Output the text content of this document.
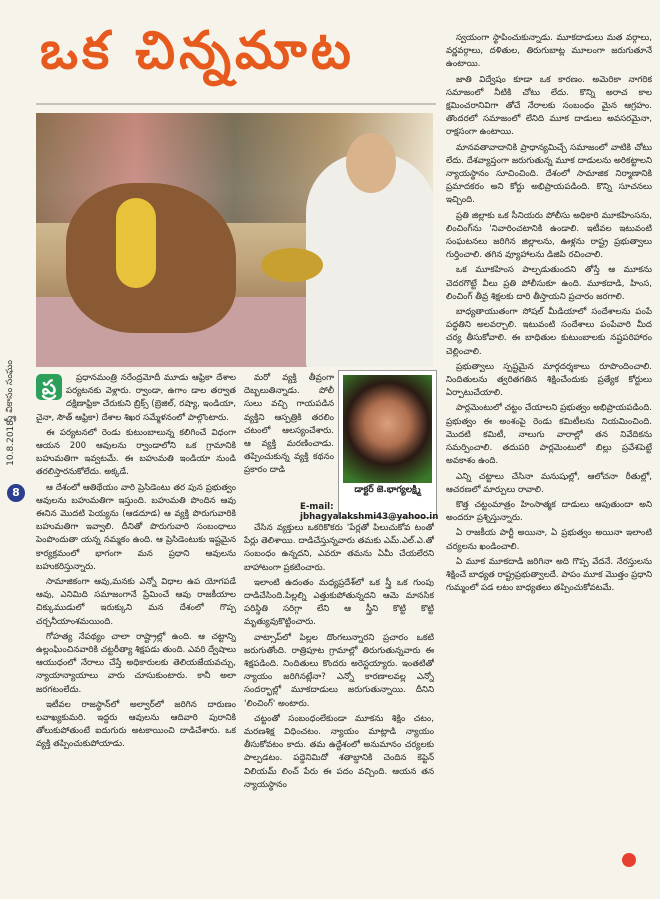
ఒక చిన్నమాట
స్త్రీ వికాసం సంఘం
10.8.2018
8
ప్ర	ప్రధానమంత్రి నరేంద్రమోదీ మూడు ఆఫ్రికా దేశాల పర్యటనకు వెళ్లారు. ర్వాండా, ఉగాం డాల తర్వాత దక్షిణాఫ్రికా చేరుకుని బ్రిక్స్ (బ్రెజిల్, రష్యా, ఇండియా, చైనా, సౌత్ ఆఫ్రికా) దేశాల శిఖర సమ్మేళనంలో పాల్గొంటారు.

ఈ పర్యటనలో రెండు కుటుంబాలున్న కలిగించే విధంగా ఆయన 200 ఆవులను ర్వాండాలోని ఒక గ్రామానికి బహుమతిగా ఇవ్వటమే. ఈ బహుమతి ఇండియా నుండి తరలిస్తారనుకోలేదు. అక్కడే.

ఆ దేశంలో ఆతిథేయం వారి ప్రెసిడెంటు తర పున ప్రభుత్వం ఆవులను బహుమతిగా ఇస్తుంది. బహుమతి పొందిన ఆవు ఈనిన మొదటి పెయ్యను (ఆడదూడ) ఆ వ్యక్తి పొరుగువారికి బహుమతిగా ఇవ్వాలి. దీనితో పొరుగువారి సంబంధాలు పెంపొందుతా యన్న నమ్మకం ఉంది. ఆ ప్రెసిడెంటుకు ఇష్టమైన కార్యక్రమంలో భాగంగా మన ప్రధాని ఆవులను బహుకరిస్తున్నారు.

సామాజికంగా ఆవు,మనకు ఎన్నో విధాల ఉప యోగపడే ఆవు, ఎనిమిది సమాజంగానే ప్రేమించే ఆవు రాజకీయాల చిక్కుముడులో ఇరుక్కుని మన దేశంలో గొప్ప చర్చనీయాంశమయింది.

గోహత్య నేపథ్యం చాలా రాష్ట్రాల్లో ఉంది. ఆ చట్టాన్ని ఉల్లంఘించినవారికి చట్టరీత్యా శిక్షపడు తుంది. ఎవరి ద్వేషాలు ఆయుధంలో నేరాలు చేస్తే అధికారులకు తెలియజేయవచ్చు, న్యాయాన్యాయాలు వారు చూసుకుంటారు. కానీ అలా జరగటంలేదు.

ఇటీవల రాజస్థాన్‌లో అల్వార్‌లో జరిగిన దారుణం లవాఖ్యకుమరి. ఇద్దరు ఆవులను ఆదివారి పురానికి తోలుకుపోతుంటే ఐదుగురు అటకాయించి దాడిచేశారు. ఒక వ్యక్తి తప్పించుకుపోయాడు.

మరో వ్యక్తి తీవ్రంగా దెబ్బలుతిన్నాడు. పోలీ సులు వచ్చి గాయపడిన వ్యక్తిని ఆస్పత్రికి తరలిం చటంలో ఆలస్యంచేశారు. ఆ వ్యక్తి మరణించాడు. తప్పించుకున్న వ్యక్తి కథనం ప్రకారం దాడి

డాక్టర్ జె.భాగ్యలక్ష్మి
E-mail: jbhagyalakshmi43@yahoo.in

చేసిన వ్యక్తులు ఒకరికొకరు 'పేర్లతో పిలుచుకోవ టంతో పేర్లు తెలిశాయి. దాడిచేస్తున్నవారు తమకు ఎమ్.ఎల్.ఎ.తో సంబంధం ఉన్నదని, ఎవరూ తమను ఏమీ చేయలేరని బాహాటంగా ప్రకటించారు.

ఇలాంటి ఉదంతం మధ్యప్రదేశ్‌లో ఒక స్త్రీ ఒక గుంపు దాడిచేసింది.పిల్లల్ని ఎత్తుకుపోతున్నదని ఆమె మానసిక పరిస్థితి సరిగ్గా లేని ఆ స్త్రీని కొట్టి కొట్టి మృత్యువుకొట్టించారు.

వాట్సాప్‌లో పిల్లల దొంగలున్నారని ప్రచారం ఒకటి జరుగుతోంది. రాత్రిపూట గ్రామాల్లో తిరుగుతున్నవారు ఈ శిక్షపడింది. నిందితులు కొందరు అరెస్టయ్యారు. ఇంతటితో న్యాయం జరిగినట్లేనా? ఎన్నో కారణాలవల్ల ఎన్నో సందర్భాల్లో మూకదాడులు జరుగుతున్నాయి. దీనిని 'లించింగ్' అంటారు.

చట్టంతో సంబంధంలేకుండా మూకను శిక్షిం చటం, మరణశిక్ష విధించటం. న్యాయం మాట్లాడి న్యాయం తీసుకోవటం కాదు. తమ ఉద్దేశంలో అనుమానం చర్యలకు పాల్పడటం. పద్దెనిమిదో శతాబ్దానికి చెందిన కెప్టెన్ విలియమ్ లించ్ పేరు ఈ పదం వచ్చింది. ఆయన తన న్యాయస్థానం

స్వయంగా స్థాపించుకున్నాడు. మూకదాడులు మత వర్గాలు, వర్ణవర్గాలు, దళితుల, తిరుగుబాట్ల మూలంగా జరుగుతూనే ఉంటాయి.

జాతి విద్వేషం కూడా ఒక కారణం. అమెరికా నాగరిక సమాజంలో నీటికి చోటు లేదు. కొన్ని అరాచ కాల క్షమించరానివిగా తోచే నేరాలకు సంబంధం మైన ఆగ్రహం. తొందరలో సమాజంలో లేనిది మూక దాడులు అవసరమైనా, రాక్షసంగా ఉంటాయి.

మానవతావాదానికి ప్రాధాన్యమిచ్చే సమాజంలో వాటికి చోటు లేదు. దేశవ్యాప్తంగా జరుగుతున్న మూక దాడులను అరికట్టాలని న్యాయస్థానం సూచించింది. దేశంలో సామాజిక నిర్మాణానికి ప్రమాదకరం అని కోర్టు అభిప్రాయపడింది. కొన్ని సూచనలు ఇచ్చింది.

ప్రతి జిల్లాకు ఒక సీనియరు పోలీసు అధికారి మూకహింసను, లించింగ్‌ను 'నివారించటానికి ఉండాలి. ఇటీవల ఇటువంటి సంఘటనలు జరిగిన జిల్లాలను, ఊళ్లను రాష్ట్ర ప్రభుత్వాలు గుర్తించాలి. తగిన వ్యూహాలను డిజిపి రచించాలి.

ఒక మూకహింస పాల్పడుతుందని తోస్తే ఆ మూకను చెదరగొట్టే వీలు ప్రతి పోలీసుకూ ఉంది. మూకదాడి, హింస, లించింగ్ తీవ్ర శిక్షలకు దారి తీస్తాయని ప్రచారం జరగాలి.

బాధ్యతాయుతంగా సోషల్ మీడియాలో సందేశాలను పంపే పద్ధతిని అలవర్చాలి. ఇటువంటి సందేశాలు పంపేవారి మీద చర్య తీసుకోవాలి. ఈ బాధితుల కుటుంబాలకు నష్టపరిహారం చెల్లించాలి.

ప్రభుత్వాలు స్పష్టమైన మార్గదర్శకాలు రూపొందించాలి. నిందితులను త్వరితగతిన శిక్షించేందుకు ప్రత్యేక కోర్టులు ఏర్పాటుచేయాలి.

పార్లమెంటులో చట్టం చేయాలని ప్రభుత్వం అభిప్రాయపడింది. ప్రభుత్వం ఈ అంశంపై రెండు కమిటీలను నియమించింది. మొదటి కమిటీ, నాలుగు వారాల్లో తన నివేదికను సమర్పించాలి. తదుపరి పార్లమెంటులో బిల్లు ప్రవేశపెట్టే అవకాశం ఉంది.

ఎన్ని చట్టాలు చేసినా మనుషుల్లో, ఆలోచనా రీతుల్లో, ఆచరణలో మార్పులు రావాలి.

కొత్త చట్టంమాత్రం హింసాత్మక దాడులు ఆపుతుందా అని అందరూ ప్రశ్నిస్తున్నారు.

ఏ రాజకీయ పార్టీ అయినా, ఏ ప్రభుత్వం అయినా ఇలాంటి చర్యలను ఖండించాలి.

ఏ మూక మూకదాడి జరిగినా అది గొప్ప వేదనే. నేరస్తులను శిక్షించే బాధ్యత రాష్ట్రప్రభుత్వాలదే. పాపం మూక మొత్తం ప్రధాని గుమ్మంలో పడ లటం బాధ్యతలు తప్పించుకోవటమే.
